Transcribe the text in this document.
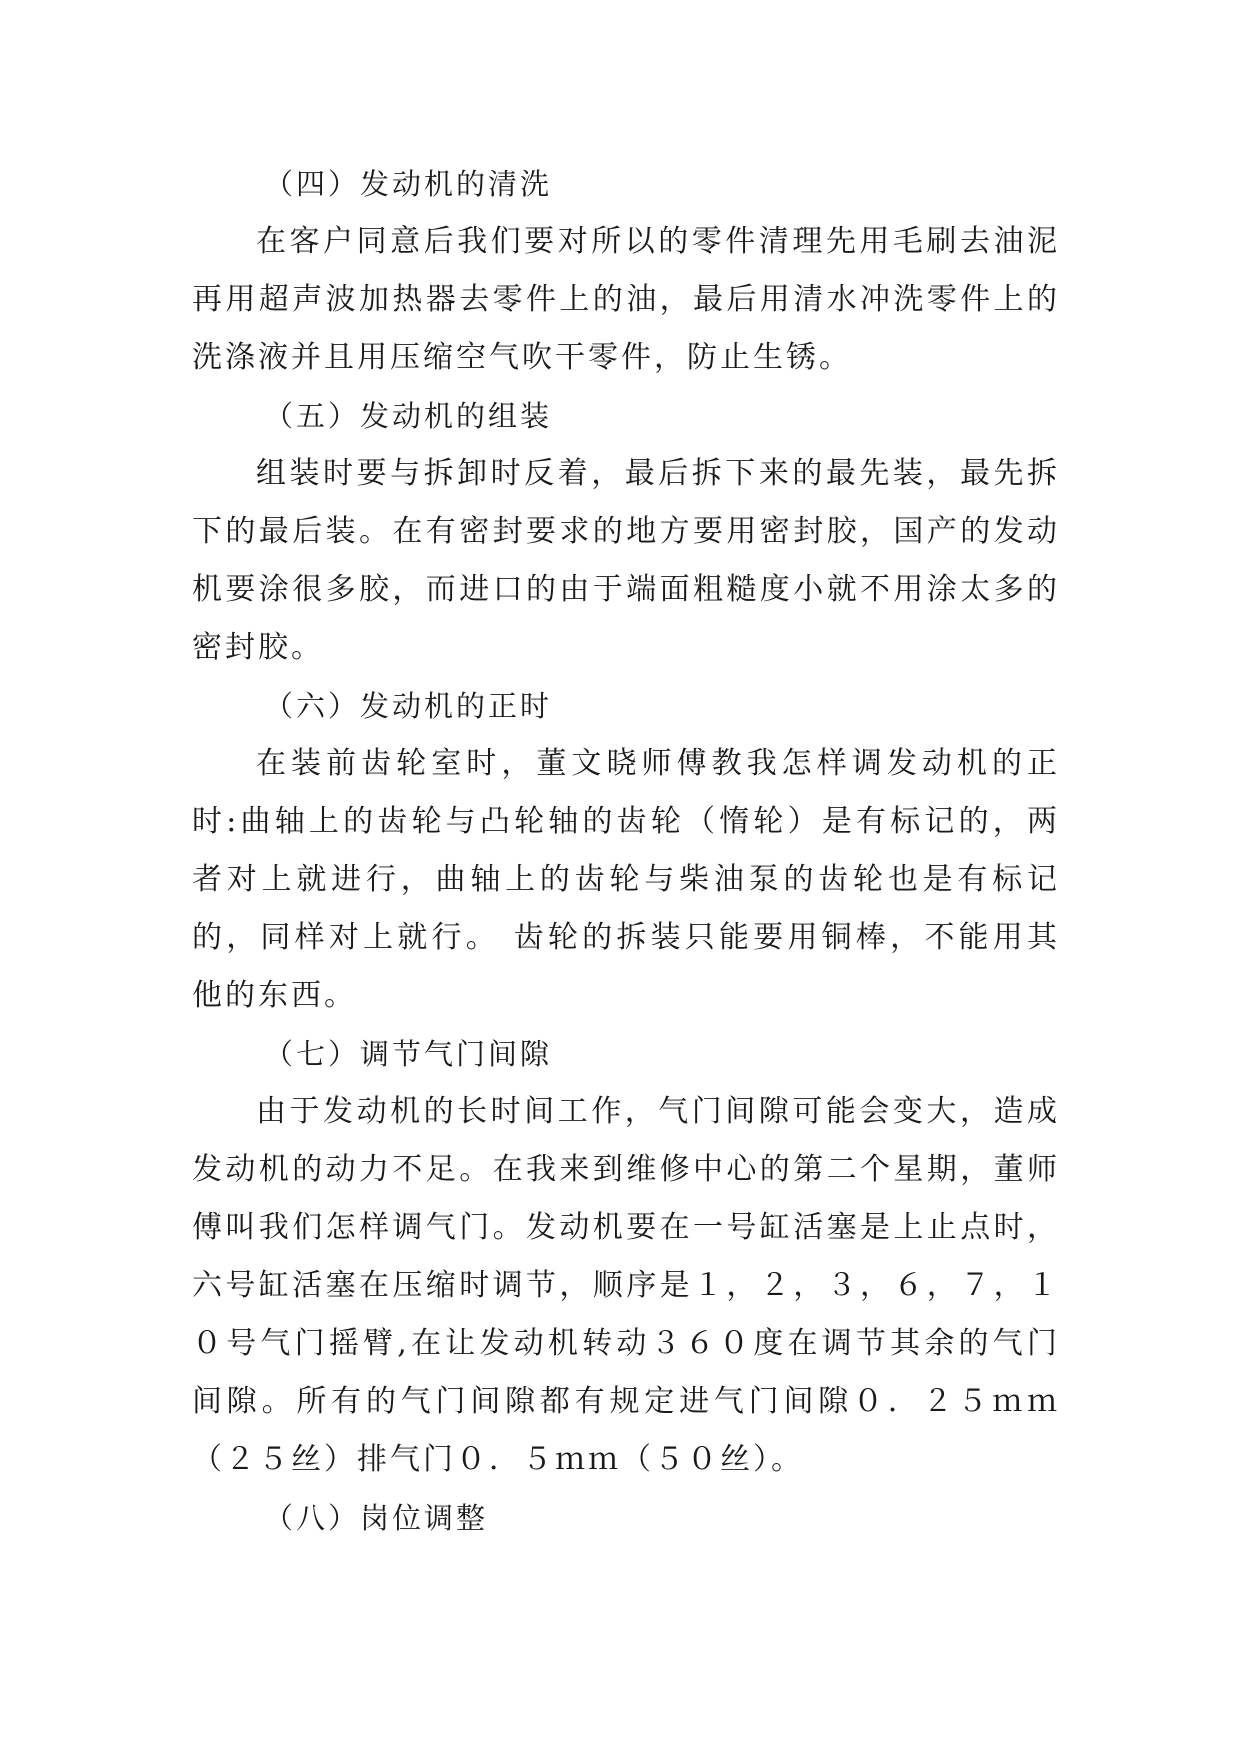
（四）发动机的清洗

在客户同意后我们要对所以的零件清理先用毛刷去油泥再用超声波加热器去零件上的油，最后用清水冲洗零件上的洗涤液并且用压缩空气吹干零件，防止生锈。

（五）发动机的组装

组装时要与拆卸时反着，最后拆下来的最先装，最先拆下的最后装。在有密封要求的地方要用密封胶，国产的发动机要涂很多胶，而进口的由于端面粗糙度小就不用涂太多的密封胶。

（六）发动机的正时

在装前齿轮室时，董文晓师傅教我怎样调发动机的正时:曲轴上的齿轮与凸轮轴的齿轮（惰轮）是有标记的，两者对上就进行，曲轴上的齿轮与柴油泵的齿轮也是有标记的，同样对上就行。 齿轮的拆装只能要用铜棒，不能用其他的东西。

（七）调节气门间隙

由于发动机的长时间工作，气门间隙可能会变大，造成发动机的动力不足。在我来到维修中心的第二个星期，董师傅叫我们怎样调气门。发动机要在一号缸活塞是上止点时，六号缸活塞在压缩时调节，顺序是１，２，３，６，７，１０号气门摇臂,在让发动机转动３６０度在调节其余的气门间隙。所有的气门间隙都有规定进气门间隙０．２５ｍｍ（２５丝）排气门０．５ｍｍ（５０丝）。

（八）岗位调整
